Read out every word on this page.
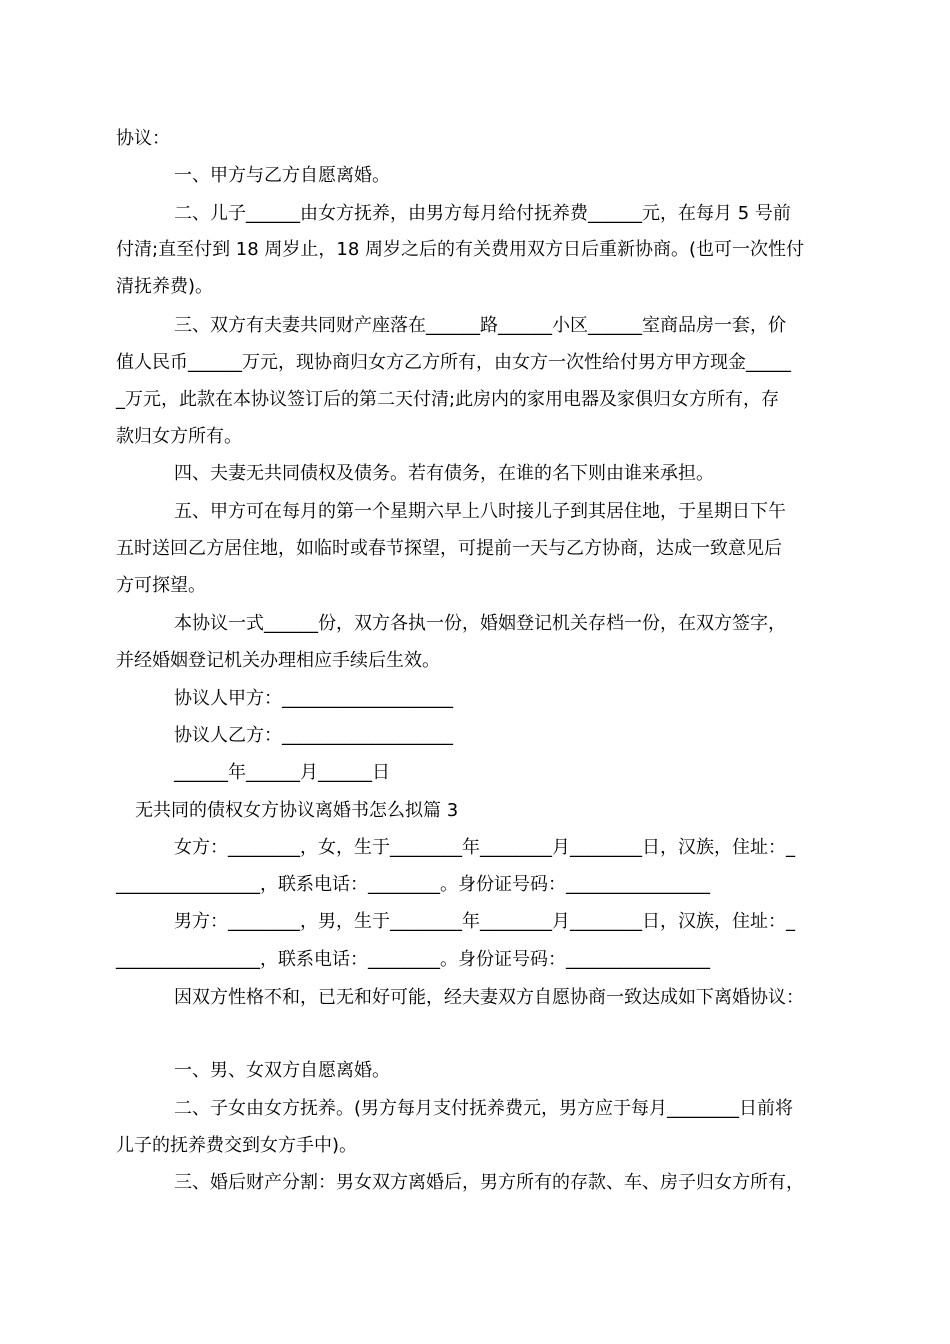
协议：
一、甲方与乙方自愿离婚。
二、儿子______由女方抚养，由男方每月给付抚养费______元，在每月 5 号前
付清;直至付到 18 周岁止，18 周岁之后的有关费用双方日后重新协商。(也可一次性付
清抚养费)。
三、双方有夫妻共同财产座落在______路______小区______室商品房一套，价
值人民币______万元，现协商归女方乙方所有，由女方一次性给付男方甲方现金_____
_万元，此款在本协议签订后的第二天付清;此房内的家用电器及家俱归女方所有，存
款归女方所有。
四、夫妻无共同债权及债务。若有债务，在谁的名下则由谁来承担。
五、甲方可在每月的第一个星期六早上八时接儿子到其居住地，于星期日下午
五时送回乙方居住地，如临时或春节探望，可提前一天与乙方协商，达成一致意见后
方可探望。
本协议一式______份，双方各执一份，婚姻登记机关存档一份，在双方签字，
并经婚姻登记机关办理相应手续后生效。
协议人甲方：___________________
协议人乙方：___________________
______年______月______日
无共同的债权女方协议离婚书怎么拟篇 3
女方：________，女，生于________年________月________日，汉族，住址：_
________________，联系电话：________。身份证号码：________________
男方：________，男，生于________年________月________日，汉族，住址：_
________________，联系电话：________。身份证号码：________________
因双方性格不和，已无和好可能，经夫妻双方自愿协商一致达成如下离婚协议：
一、男、女双方自愿离婚。
二、子女由女方抚养。(男方每月支付抚养费元，男方应于每月________日前将
儿子的抚养费交到女方手中)。
三、婚后财产分割：男女双方离婚后，男方所有的存款、车、房子归女方所有，
